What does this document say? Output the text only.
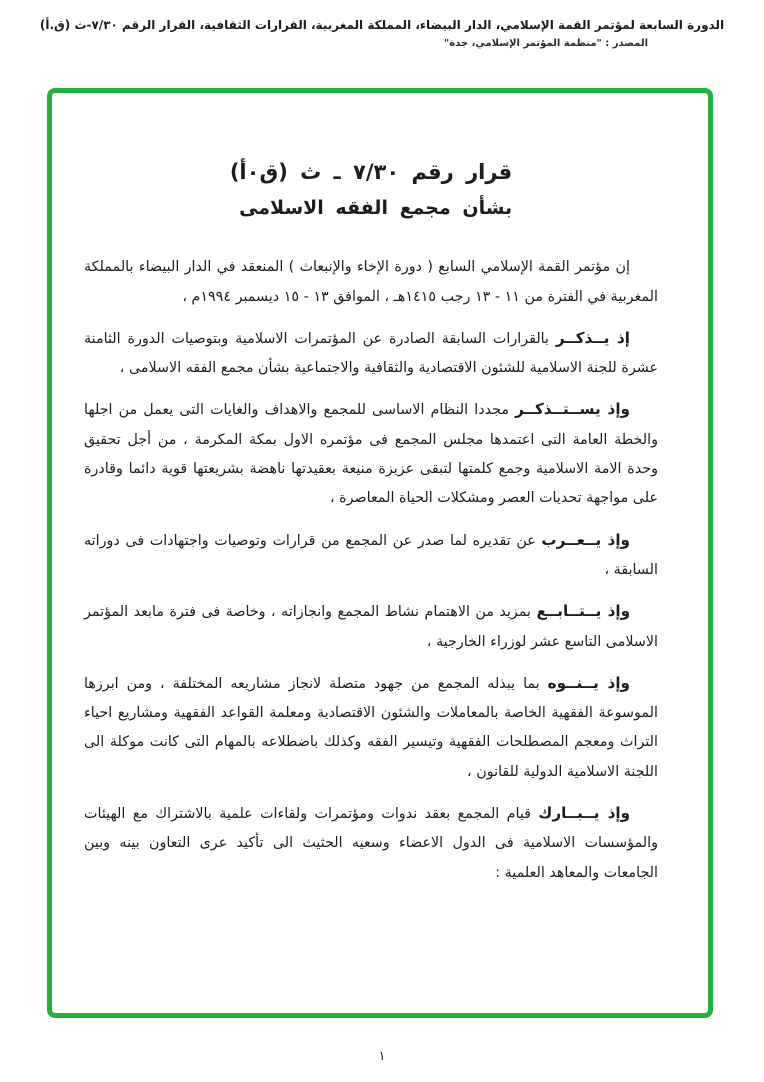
الدورة السابعة لمؤتمر القمة الإسلامي، الدار البيضاء، المملكة المغربية، القرارات الثقافية، القرار الرقم ٧/٣٠-ث (ق.أ)
المصدر : "منظمة المؤتمر الإسلامي، جدة"
قرار رقم ٧/٣٠ ـ ث (ق٠أ)
بشأن مجمع الفقه الاسلامى

إن مؤتمر القمة الإسلامي السابع ( دورة الإخاء والإنبعاث ) المنعقد في الدار البيضاء بالمملكة المغربية في الفترة من ١١ - ١٣ رجب ١٤١٥هـ ، الموافق ١٣ - ١٥ ديسمبر ١٩٩٤م ،

إذ يــذكــر بالقرارات السابقة الصادرة عن المؤتمرات الاسلامية وبتوصيات الدورة الثامنة عشرة للجنة الاسلامية للشئون الاقتصادية والثقافية والاجتماعية بشأن مجمع الفقه الاسلامى ،

وإذ يســتــذكــر مجددا النظام الاساسى للمجمع والاهداف والغايات التى يعمل من اجلها والخطة العامة التى اعتمدها مجلس المجمع فى مؤتمره الاول بمكة المكرمة ، من أجل تحقيق وحدة الامة الاسلامية وجمع كلمتها لتبقى عزيزة منيعة بعقيدتها ناهضة بشريعتها قوية دائما وقادرة على مواجهة تحديات العصر ومشكلات الحياة المعاصرة ،

وإذ يــعــرب عن تقديره لما صدر عن المجمع من قرارات وتوصيات واجتهادات فى دوراته السابقة ،

وإذ يــتــابــع بمزيد من الاهتمام نشاط المجمع وانجازاته ، وخاصة فى فترة مابعد المؤتمر الاسلامى التاسع عشر لوزراء الخارجية ،

وإذ يــنــوه بما يبذله المجمع من جهود متصلة لانجاز مشاريعه المختلفة ، ومن ابرزها الموسوعة الفقهية الخاصة بالمعاملات والشئون الاقتصادية ومعلمة القواعد الفقهية ومشاريع احياء التراث ومعجم المصطلحات الفقهية وتيسير الفقه وكذلك باضطلاعه بالمهام التى كانت موكلة الى اللجنة الاسلامية الدولية للقانون ،

وإذ يــبــارك قيام المجمع بعقد ندوات ومؤتمرات ولقاءات علمية بالاشتراك مع الهيئات والمؤسسات الاسلامية فى الدول الاعضاء وسعيه الحثيث الى تأكيد عرى التعاون بينه وبين الجامعات والمعاهد العلمية :

١
